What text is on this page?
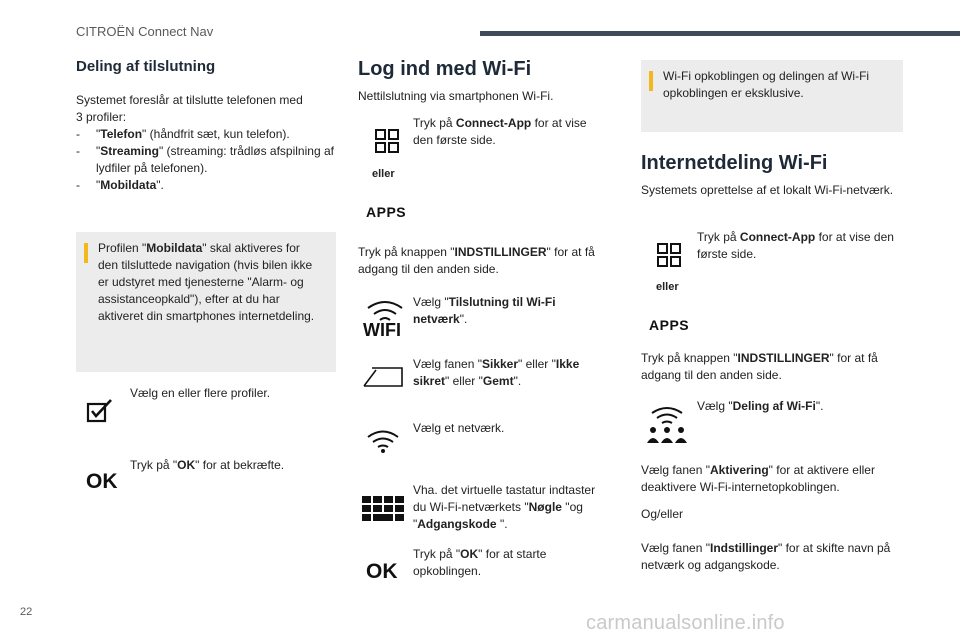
CITROËN Connect Nav
Deling af tilslutning
Systemet foreslår at tilslutte telefonen med
3 profiler:
-	"Telefon" (håndfrit sæt, kun telefon).
-	"Streaming" (streaming: trådløs afspilning af lydfiler på telefonen).
-	"Mobildata".
Profilen "Mobildata" skal aktiveres for den tilsluttede navigation (hvis bilen ikke er udstyret med tjenesterne "Alarm- og assistanceopkald"), efter at du har aktiveret din smartphones internetdeling.
Vælg en eller flere profiler.
OK
Tryk på "OK" for at bekræfte.
Log ind med Wi-Fi
Nettilslutning via smartphonen Wi-Fi.
Tryk på Connect-App for at vise den første side.
eller
APPS
Tryk på knappen "INDSTILLINGER" for at få adgang til den anden side.
WIFI
Vælg "Tilslutning til Wi-Fi netværk".
Vælg fanen "Sikker" eller "Ikke sikret" eller "Gemt".
Vælg et netværk.
Vha. det virtuelle tastatur indtaster du Wi-Fi-netværkets "Nøgle "og "Adgangskode ".
OK
Tryk på "OK" for at starte opkoblingen.
Wi-Fi opkoblingen og delingen af Wi-Fi opkoblingen er eksklusive.
Internetdeling Wi-Fi
Systemets oprettelse af et lokalt Wi-Fi-netværk.
Tryk på Connect-App for at vise den første side.
eller
APPS
Tryk på knappen "INDSTILLINGER" for at få adgang til den anden side.
Vælg "Deling af Wi-Fi".
Vælg fanen "Aktivering" for at aktivere eller deaktivere Wi-Fi-internetopkoblingen.
Og/eller
Vælg fanen "Indstillinger" for at skifte navn på netværk og adgangskode.
22	carmanualsonline.info
